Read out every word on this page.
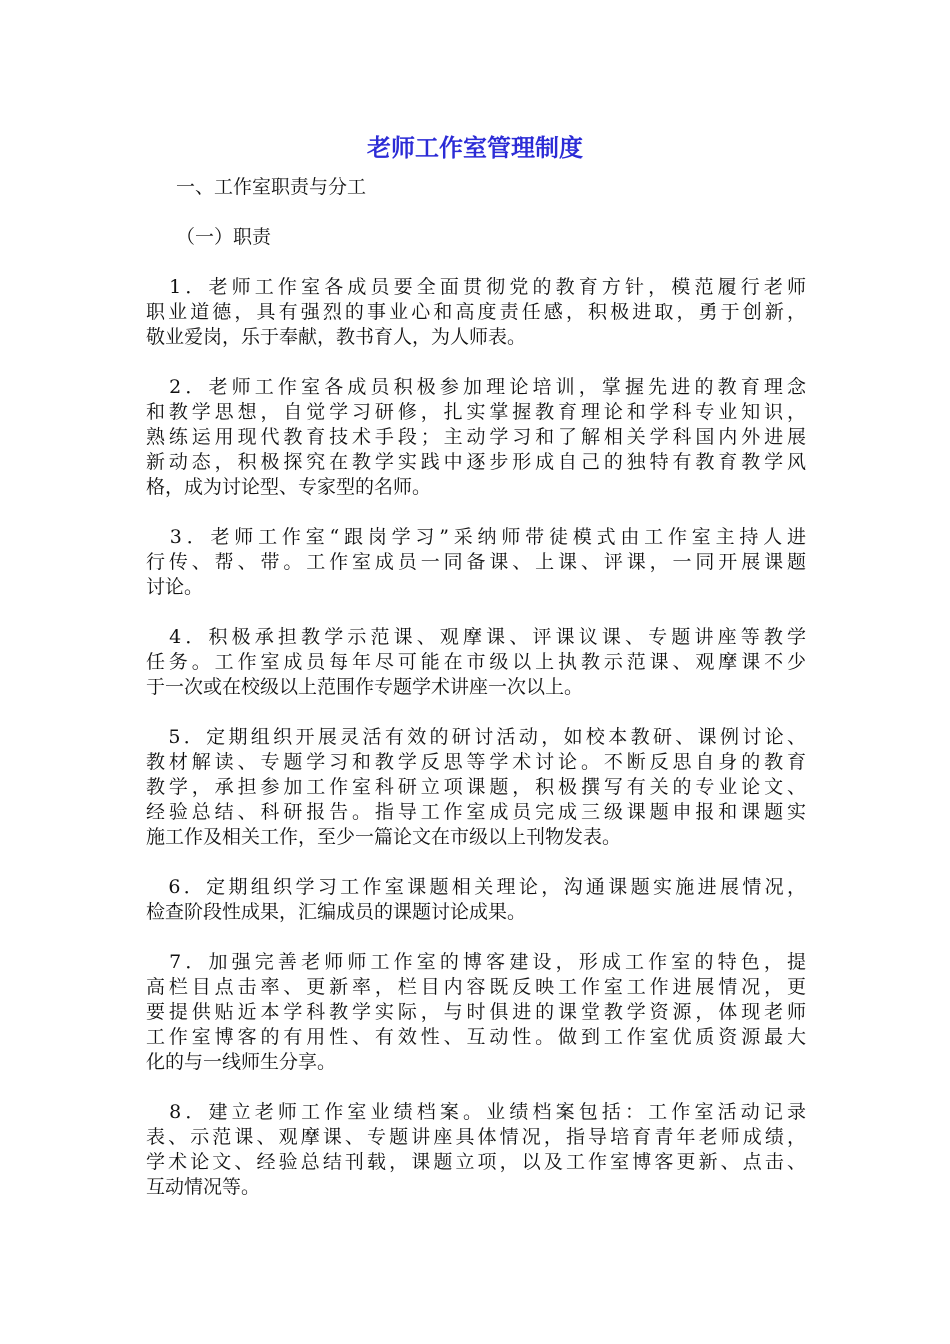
老师工作室管理制度
一、工作室职责与分工
（一）职责
　1．老师工作室各成员要全面贯彻党的教育方针，模范履行老师
职业道德，具有强烈的事业心和高度责任感，积极进取，勇于创新，
敬业爱岗，乐于奉献，教书育人，为人师表。
　2．老师工作室各成员积极参加理论培训，掌握先进的教育理念
和教学思想，自觉学习研修，扎实掌握教育理论和学科专业知识，
熟练运用现代教育技术手段；主动学习和了解相关学科国内外进展
新动态，积极探究在教学实践中逐步形成自己的独特有教育教学风
格，成为讨论型、专家型的名师。
　3．老师工作室“跟岗学习”采纳师带徒模式由工作室主持人进
行传、帮、带。工作室成员一同备课、上课、评课，一同开展课题
讨论。
　4．积极承担教学示范课、观摩课、评课议课、专题讲座等教学
任务。工作室成员每年尽可能在市级以上执教示范课、观摩课不少
于一次或在校级以上范围作专题学术讲座一次以上。
　5．定期组织开展灵活有效的研讨活动，如校本教研、课例讨论、
教材解读、专题学习和教学反思等学术讨论。不断反思自身的教育
教学，承担参加工作室科研立项课题，积极撰写有关的专业论文、
经验总结、科研报告。指导工作室成员完成三级课题申报和课题实
施工作及相关工作，至少一篇论文在市级以上刊物发表。
　6．定期组织学习工作室课题相关理论，沟通课题实施进展情况，
检查阶段性成果，汇编成员的课题讨论成果。
　7．加强完善老师师工作室的博客建设，形成工作室的特色，提
高栏目点击率、更新率，栏目内容既反映工作室工作进展情况，更
要提供贴近本学科教学实际，与时俱进的课堂教学资源，体现老师
工作室博客的有用性、有效性、互动性。做到工作室优质资源最大
化的与一线师生分享。
　8．建立老师工作室业绩档案。业绩档案包括：工作室活动记录
表、示范课、观摩课、专题讲座具体情况，指导培育青年老师成绩，
学术论文、经验总结刊载，课题立项，以及工作室博客更新、点击、
互动情况等。
